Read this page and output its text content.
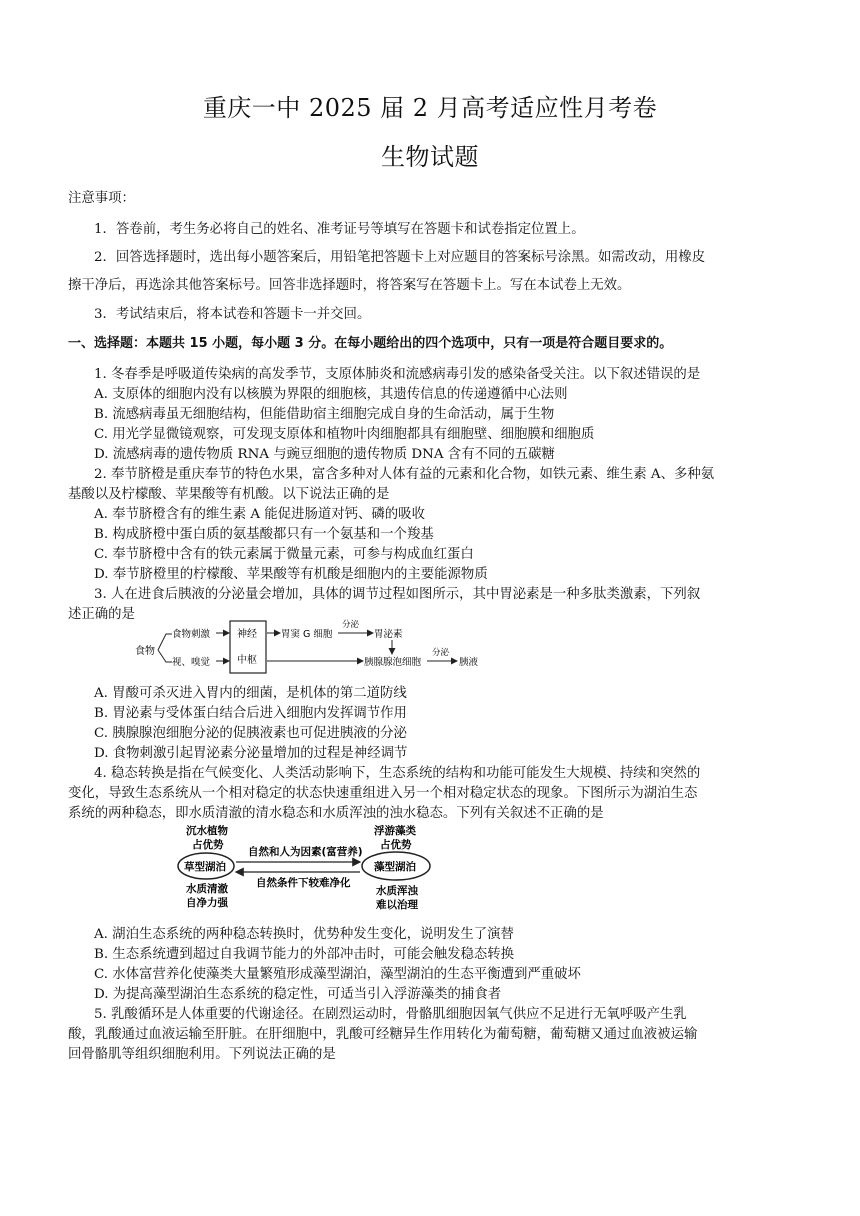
重庆一中 2025 届 2 月高考适应性月考卷
生物试题
注意事项：
1．答卷前，考生务必将自己的姓名、准考证号等填写在答题卡和试卷指定位置上。
2．回答选择题时，选出每小题答案后，用铅笔把答题卡上对应题目的答案标号涂黑。如需改动，用橡皮
擦干净后，再选涂其他答案标号。回答非选择题时，将答案写在答题卡上。写在本试卷上无效。
3．考试结束后，将本试卷和答题卡一并交回。
一、选择题：本题共 15 小题，每小题 3 分。在每小题给出的四个选项中，只有一项是符合题目要求的。
1. 冬春季是呼吸道传染病的高发季节，支原体肺炎和流感病毒引发的感染备受关注。以下叙述错误的是
A. 支原体的细胞内没有以核膜为界限的细胞核，其遗传信息的传递遵循中心法则
B. 流感病毒虽无细胞结构，但能借助宿主细胞完成自身的生命活动，属于生物
C. 用光学显微镜观察，可发现支原体和植物叶肉细胞都具有细胞壁、细胞膜和细胞质
D. 流感病毒的遗传物质 RNA 与豌豆细胞的遗传物质 DNA 含有不同的五碳糖
2. 奉节脐橙是重庆奉节的特色水果，富含多种对人体有益的元素和化合物，如铁元素、维生素 A、多种氨
基酸以及柠檬酸、苹果酸等有机酸。以下说法正确的是
A. 奉节脐橙含有的维生素 A 能促进肠道对钙、磷的吸收
B. 构成脐橙中蛋白质的氨基酸都只有一个氨基和一个羧基
C. 奉节脐橙中含有的铁元素属于微量元素，可参与构成血红蛋白
D. 奉节脐橙里的柠檬酸、苹果酸等有机酸是细胞内的主要能源物质
3. 人在进食后胰液的分泌量会增加，具体的调节过程如图所示，其中胃泌素是一种多肽类激素，下列叙
述正确的是
食物
食物刺激
视、嗅觉
神经
中枢
胃窦 G 细胞
分泌
胃泌素
胰腺腺泡细胞
分泌
胰液
A. 胃酸可杀灭进入胃内的细菌，是机体的第二道防线
B. 胃泌素与受体蛋白结合后进入细胞内发挥调节作用
C. 胰腺腺泡细胞分泌的促胰液素也可促进胰液的分泌
D. 食物刺激引起胃泌素分泌量增加的过程是神经调节
4. 稳态转换是指在气候变化、人类活动影响下，生态系统的结构和功能可能发生大规模、持续和突然的
变化，导致生态系统从一个相对稳定的状态快速重组进入另一个相对稳定状态的现象。下图所示为湖泊生态
系统的两种稳态，即水质清澈的清水稳态和水质浑浊的浊水稳态。下列有关叙述不正确的是
沉水植物
占优势
草型湖泊
水质清澈
自净力强
自然和人为因素(富营养)
自然条件下较难净化
浮游藻类
占优势
藻型湖泊
水质浑浊
难以治理
A. 湖泊生态系统的两种稳态转换时，优势种发生变化，说明发生了演替
B. 生态系统遭到超过自我调节能力的外部冲击时，可能会触发稳态转换
C. 水体富营养化使藻类大量繁殖形成藻型湖泊，藻型湖泊的生态平衡遭到严重破坏
D. 为提高藻型湖泊生态系统的稳定性，可适当引入浮游藻类的捕食者
5. 乳酸循环是人体重要的代谢途径。在剧烈运动时，骨骼肌细胞因氧气供应不足进行无氧呼吸产生乳
酸，乳酸通过血液运输至肝脏。在肝细胞中，乳酸可经糖异生作用转化为葡萄糖，葡萄糖又通过血液被运输
回骨骼肌等组织细胞利用。下列说法正确的是
